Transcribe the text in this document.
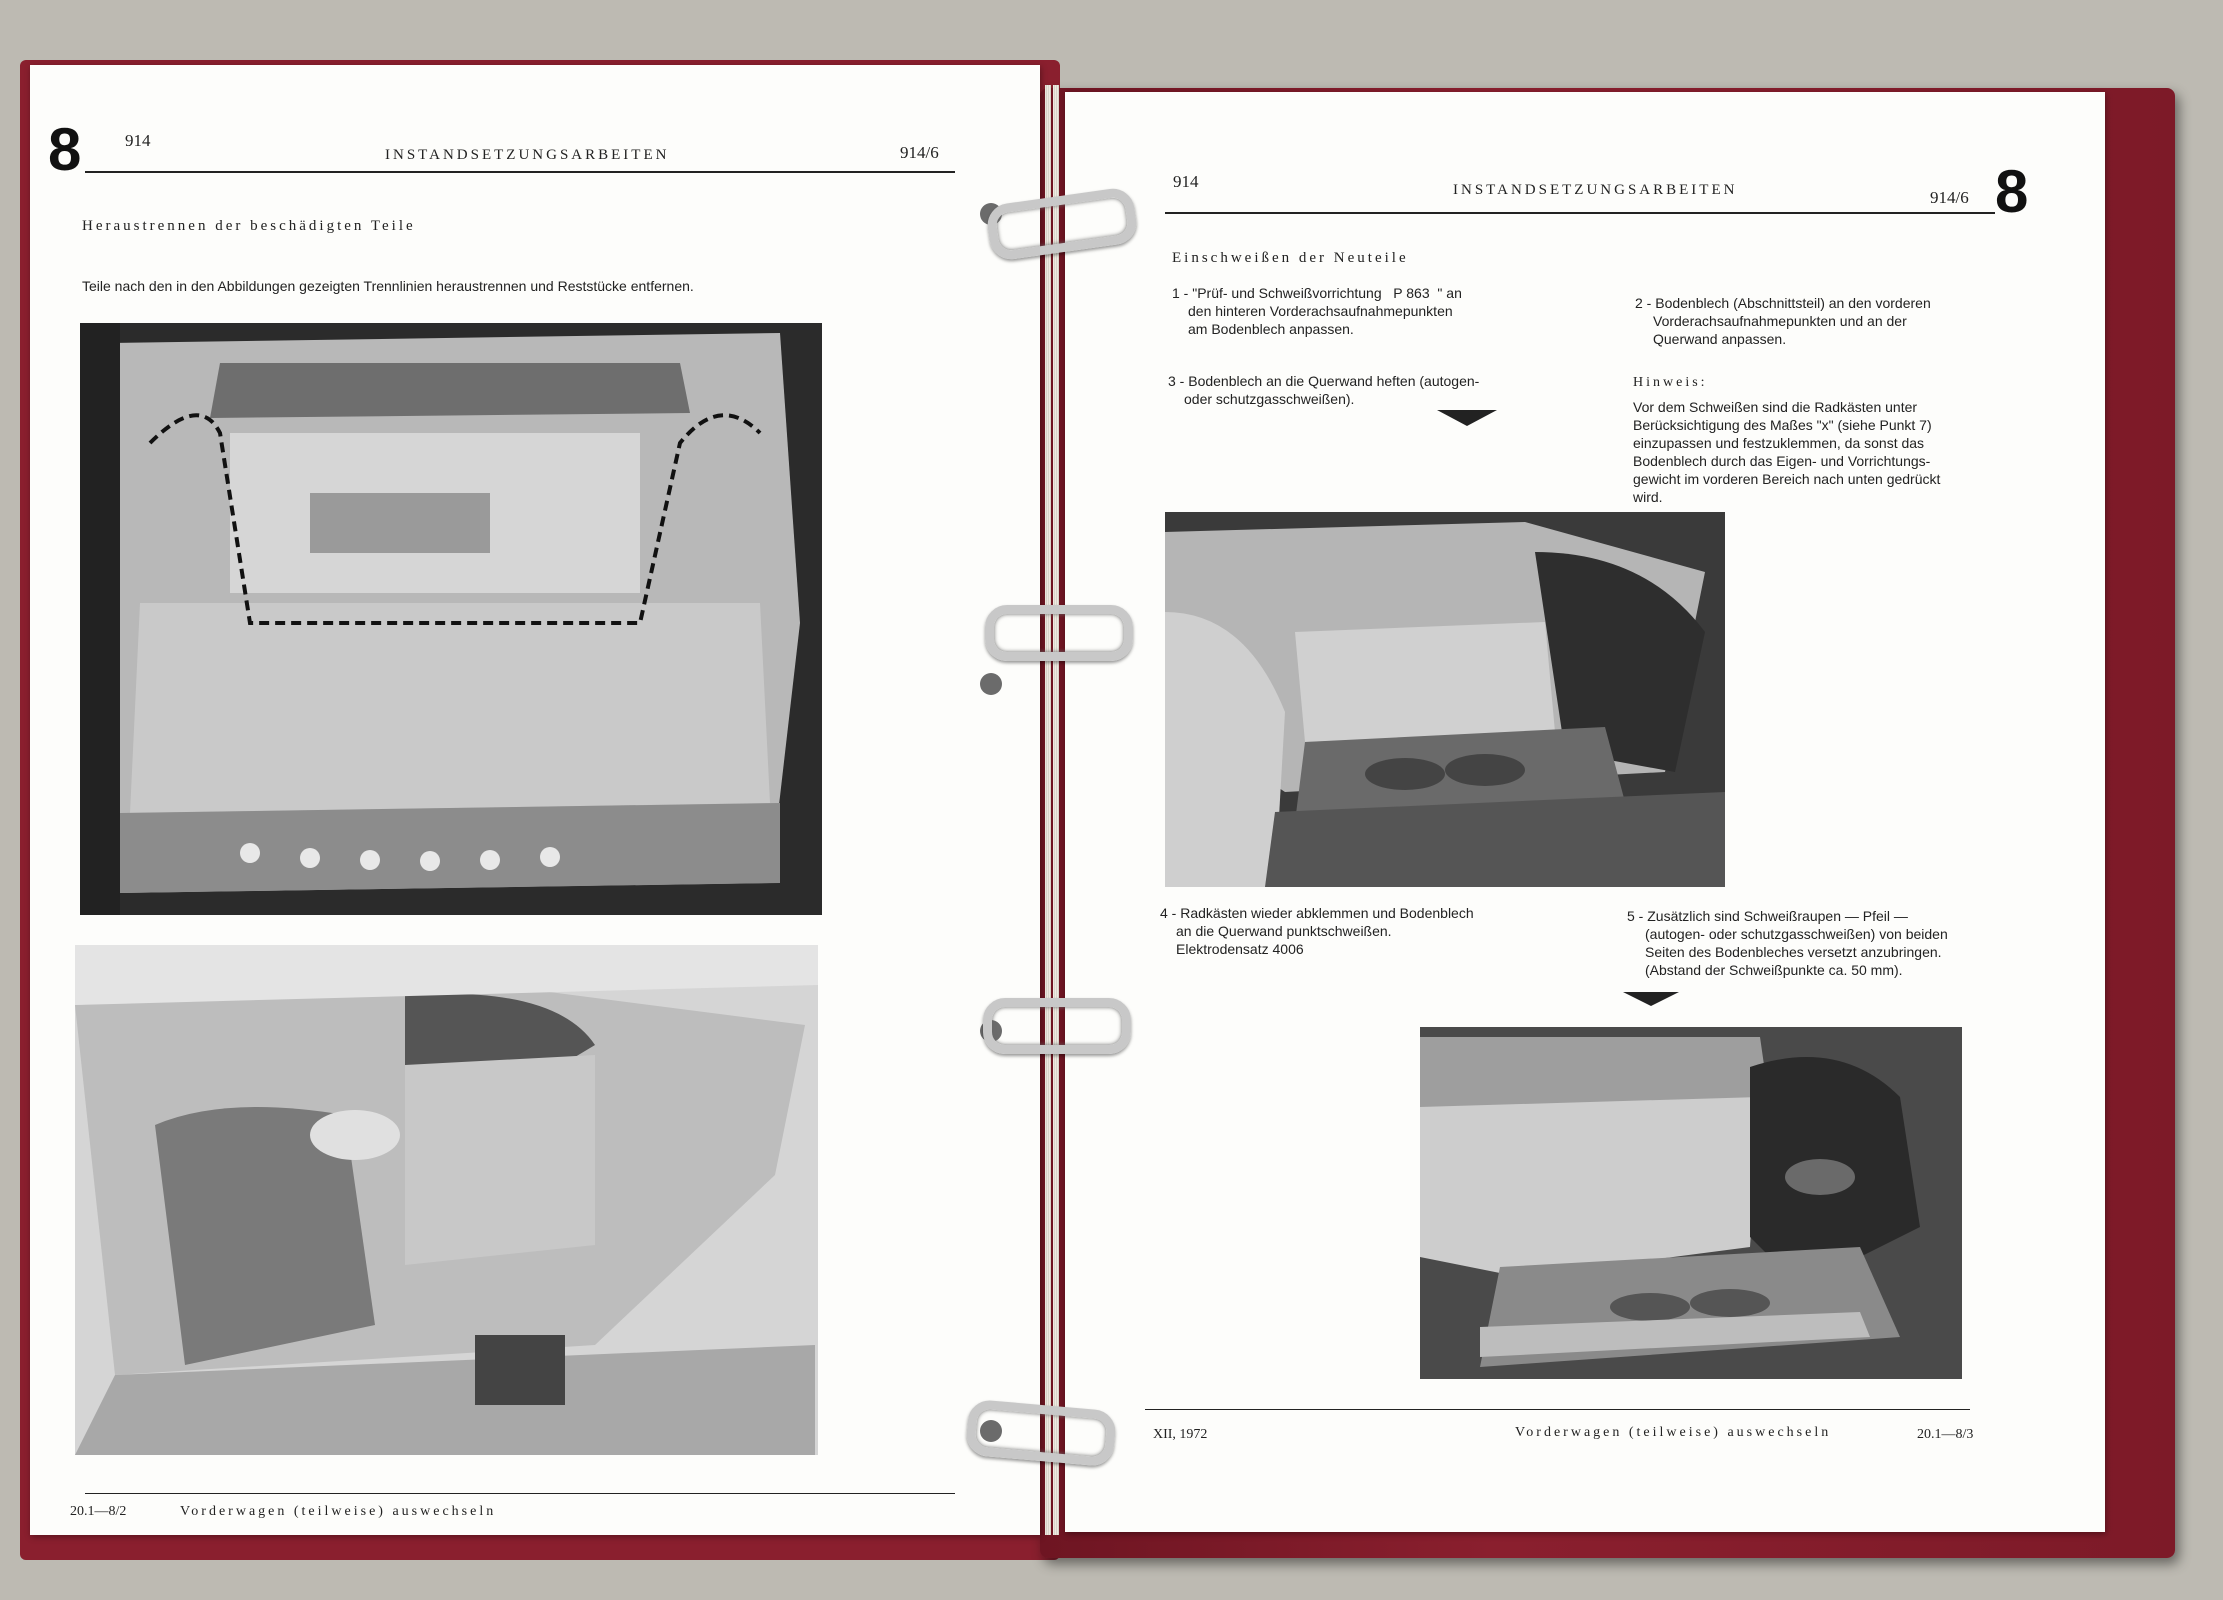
8	914
INSTANDSETZUNGSARBEITEN	914/6
Heraustrennen der beschädigten Teile
Teile nach den in den Abbildungen gezeigten Trennlinien heraustrennen und Reststücke entfernen.
20.1—8/2	Vorderwagen (teilweise) auswechseln
914	INSTANDSETZUNGSARBEITEN	914/6 8
Einschweißen der Neuteile
1 - "Prüf- und Schweißvorrichtung P 863 " an
den hinteren Vorderachsaufnahmepunkten
am Bodenblech anpassen.
2 - Bodenblech (Abschnittsteil) an den vorderen
Vorderachsaufnahmepunkten und an der
Querwand anpassen.
3 - Bodenblech an die Querwand heften (autogen-
oder schutzgasschweißen).
Hinweis:
Vor dem Schweißen sind die Radkästen unter
Berücksichtigung des Maßes "x" (siehe Punkt 7)
einzupassen und festzuklemmen, da sonst das
Bodenblech durch das Eigen- und Vorrichtungs-
gewicht im vorderen Bereich nach unten gedrückt
wird.
4 - Radkästen wieder abklemmen und Bodenblech
an die Querwand punktschweißen.
Elektrodensatz 4006
5 - Zusätzlich sind Schweißraupen — Pfeil —
(autogen- oder schutzgasschweißen) von beiden
Seiten des Bodenbleches versetzt anzubringen.
(Abstand der Schweißpunkte ca. 50 mm).
XII, 1972	Vorderwagen (teilweise) auswechseln	20.1—8/3
